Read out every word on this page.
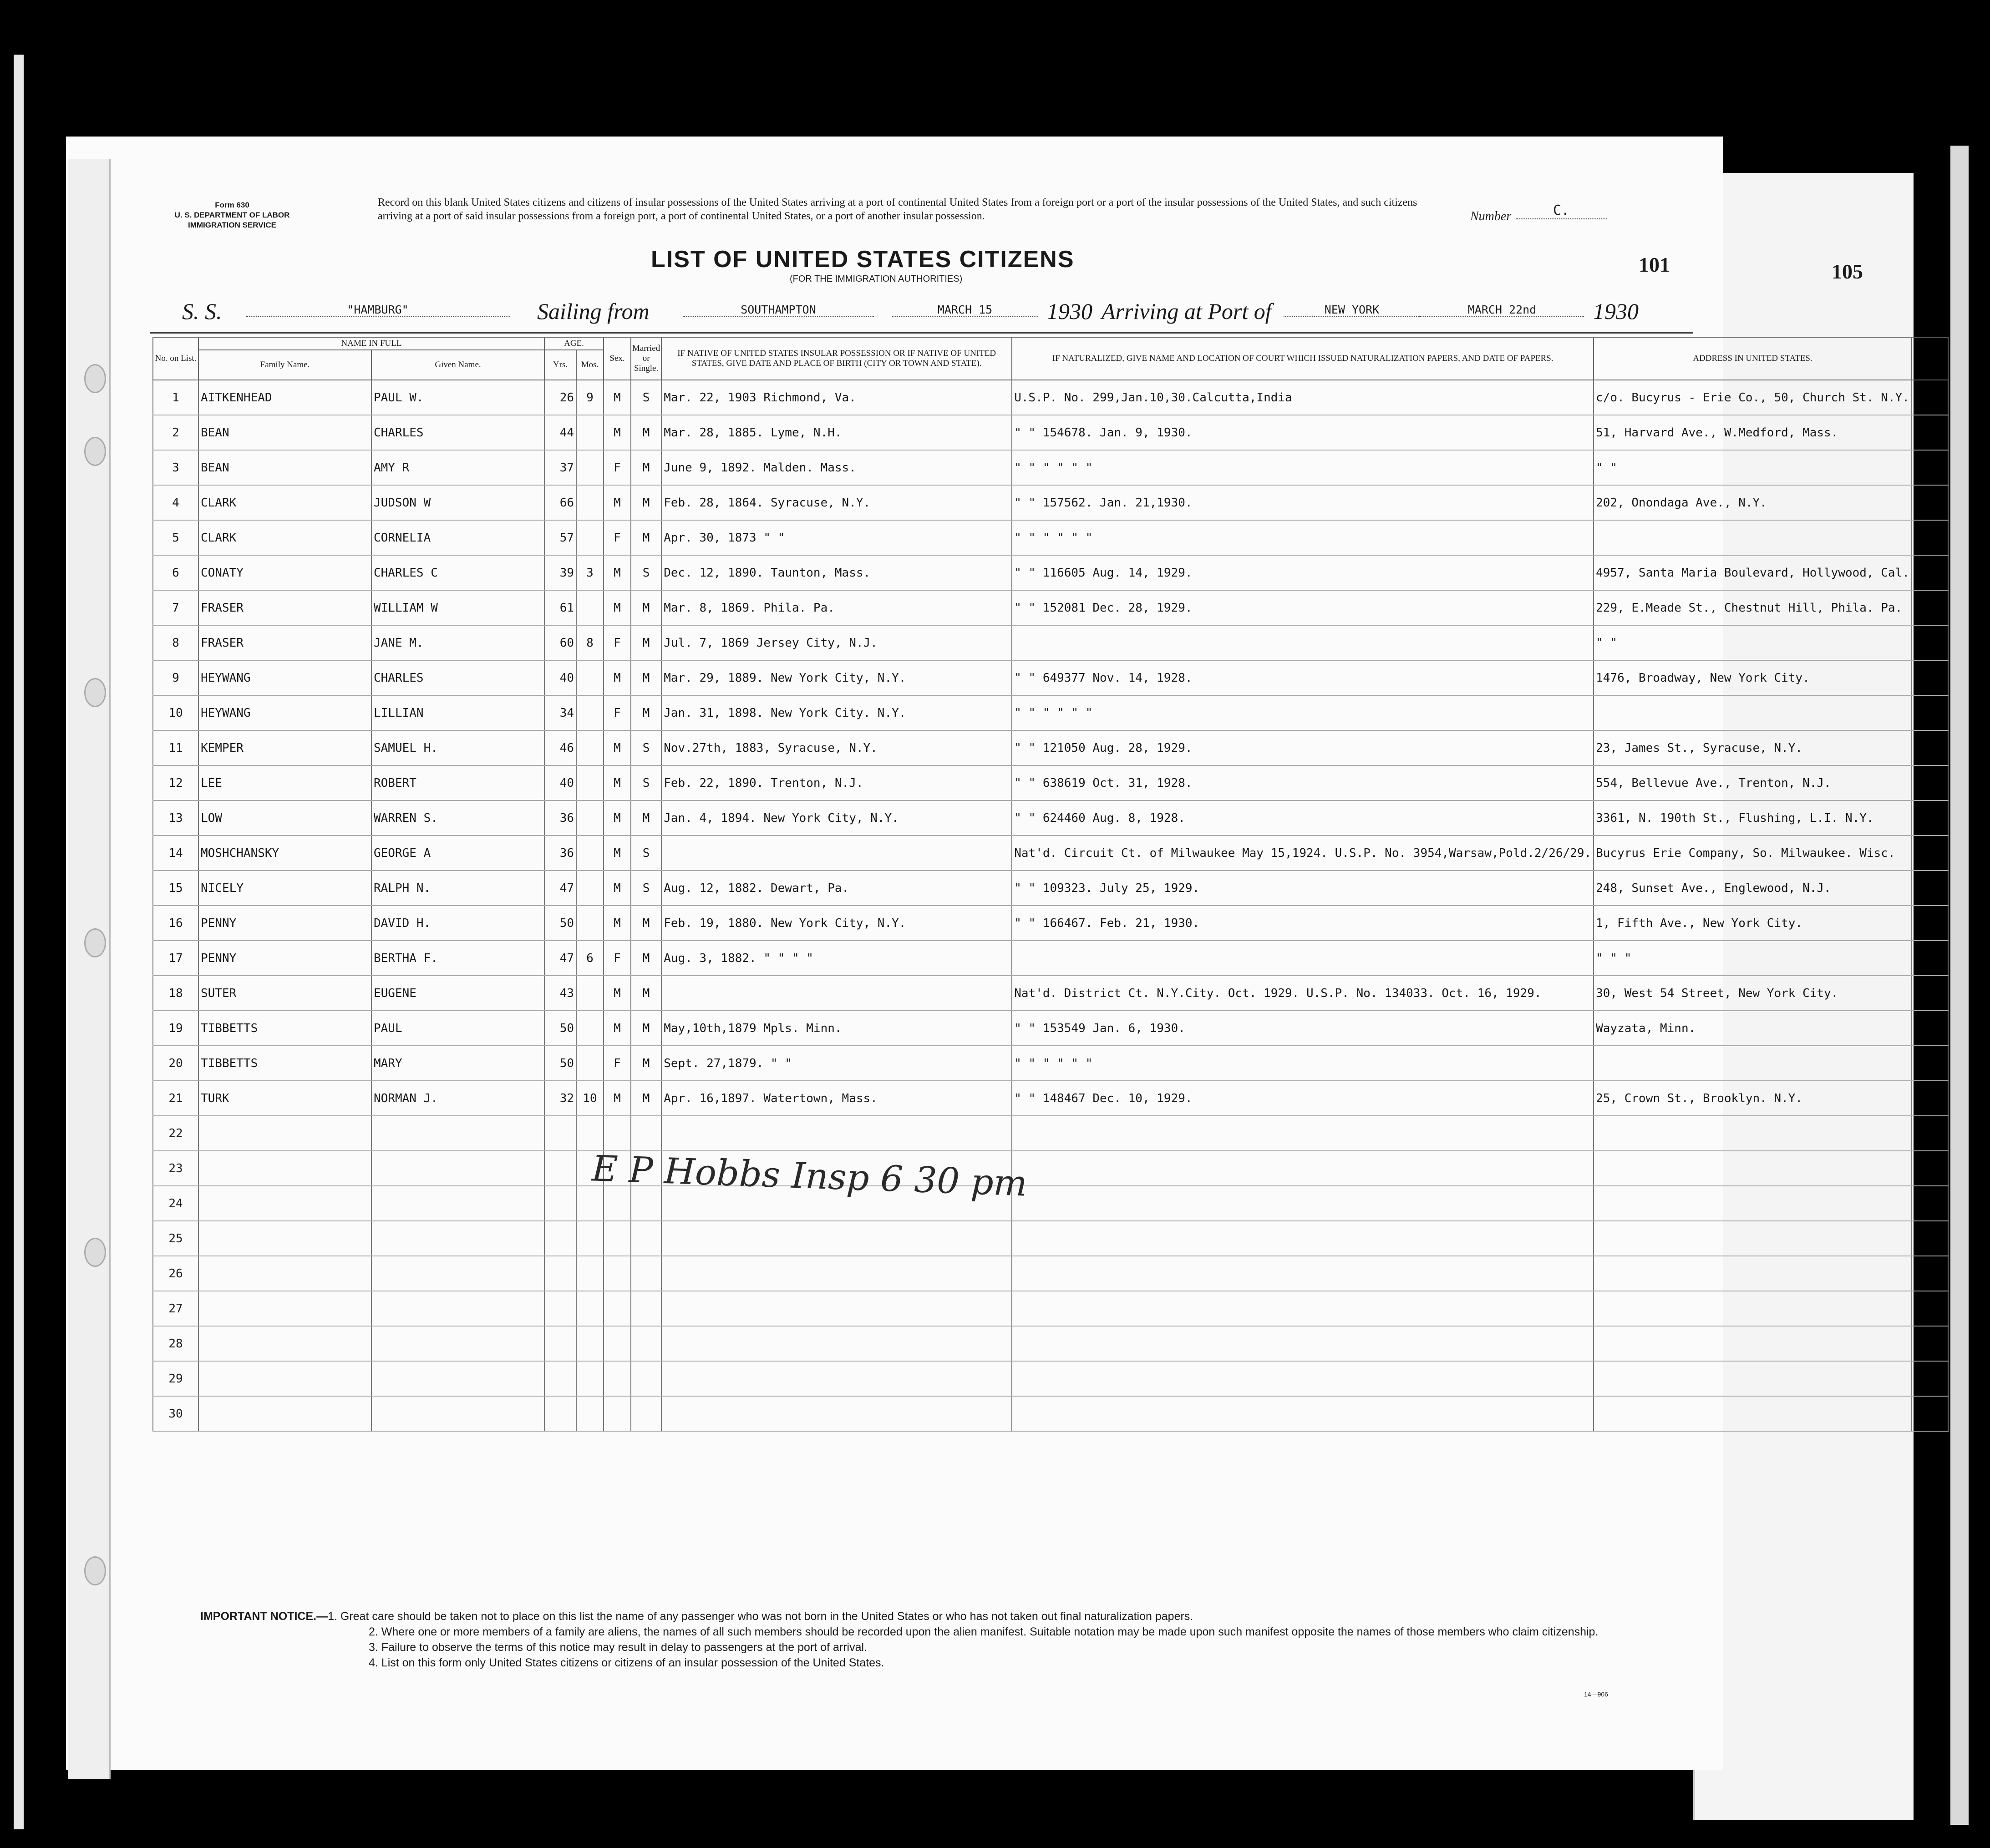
105
Form 630
U. S. DEPARTMENT OF LABOR
IMMIGRATION SERVICE
Record on this blank United States citizens and citizens of insular possessions of the United States arriving at a port of continental United States from a foreign port or a port of the insular possessions of the United States, and such citizens arriving at a port of said insular possessions from a foreign port, a port of continental United States, or a port of another insular possession.	Number	C.
LIST OF UNITED STATES CITIZENS
(FOR THE IMMIGRATION AUTHORITIES)
101
S. S.	"HAMBURG"	Sailing from	SOUTHAMPTON	MARCH 15	1930 Arriving at Port of	NEW YORK	MARCH 22nd	1930
No. on List.	NAME IN FULL		AGE.		Sex.	Married or Single.	IF NATIVE OF UNITED STATES INSULAR POSSESSION OR IF NATIVE OF UNITED STATES, GIVE DATE AND PLACE OF BIRTH (CITY OR TOWN AND STATE).	IF NATURALIZED, GIVE NAME AND LOCATION OF COURT WHICH ISSUED NATURALIZATION PAPERS, AND DATE OF PAPERS.	ADDRESS IN UNITED STATES.	
	Family Name.	Given Name.	Yrs.	Mos.						
1	AITKENHEAD	PAUL W.	26	9	M	S	Mar. 22, 1903 Richmond, Va.	U.S.P. No. 299,Jan.10,30.Calcutta,India	c/o. Bucyrus - Erie Co., 50, Church St. N.Y.	
2	BEAN	CHARLES	44		M	M	Mar. 28, 1885. Lyme, N.H.	" " 154678. Jan. 9, 1930.	51, Harvard Ave., W.Medford, Mass.	
3	BEAN	AMY R	37		F	M	June 9, 1892. Malden. Mass.	" " " " " "	" "	
4	CLARK	JUDSON W	66		M	M	Feb. 28, 1864. Syracuse, N.Y.	" " 157562. Jan. 21,1930.	202, Onondaga Ave., N.Y.	
5	CLARK	CORNELIA	57		F	M	Apr. 30, 1873 " "	" " " " " "		
6	CONATY	CHARLES C	39	3	M	S	Dec. 12, 1890. Taunton, Mass.	" " 116605 Aug. 14, 1929.	4957, Santa Maria Boulevard, Hollywood, Cal.	
7	FRASER	WILLIAM W	61		M	M	Mar. 8, 1869. Phila. Pa.	" " 152081 Dec. 28, 1929.	229, E.Meade St., Chestnut Hill, Phila. Pa.	
8	FRASER	JANE M.	60	8	F	M	Jul. 7, 1869 Jersey City, N.J.		" "	
9	HEYWANG	CHARLES	40		M	M	Mar. 29, 1889. New York City, N.Y.	" " 649377 Nov. 14, 1928.	1476, Broadway, New York City.	
10	HEYWANG	LILLIAN	34		F	M	Jan. 31, 1898. New York City. N.Y.	" " " " " "		
11	KEMPER	SAMUEL H.	46		M	S	Nov.27th, 1883, Syracuse, N.Y.	" " 121050 Aug. 28, 1929.	23, James St., Syracuse, N.Y.	
12	LEE	ROBERT	40		M	S	Feb. 22, 1890. Trenton, N.J.	" " 638619 Oct. 31, 1928.	554, Bellevue Ave., Trenton, N.J.	
13	LOW	WARREN S.	36		M	M	Jan. 4, 1894. New York City, N.Y.	" " 624460 Aug. 8, 1928.	3361, N. 190th St., Flushing, L.I. N.Y.	
14	MOSHCHANSKY	GEORGE A	36		M	S		Nat'd. Circuit Ct. of Milwaukee May 15,1924. U.S.P. No. 3954,Warsaw,Pold.2/26/29.	Bucyrus Erie Company, So. Milwaukee. Wisc.	
15	NICELY	RALPH N.	47		M	S	Aug. 12, 1882. Dewart, Pa.	" " 109323. July 25, 1929.	248, Sunset Ave., Englewood, N.J.	
16	PENNY	DAVID H.	50		M	M	Feb. 19, 1880. New York City, N.Y.	" " 166467. Feb. 21, 1930.	1, Fifth Ave., New York City.	
17	PENNY	BERTHA F.	47	6	F	M	Aug. 3, 1882. " " " "		" " "	
18	SUTER	EUGENE	43		M	M		Nat'd. District Ct. N.Y.City. Oct. 1929. U.S.P. No. 134033. Oct. 16, 1929.	30, West 54 Street, New York City.	
19	TIBBETTS	PAUL	50		M	M	May,10th,1879 Mpls. Minn.	" " 153549 Jan. 6, 1930.	Wayzata, Minn.	
20	TIBBETTS	MARY	50		F	M	Sept. 27,1879. " "	" " " " " "		
21	TURK	NORMAN J.	32	10	M	M	Apr. 16,1897. Watertown, Mass.	" " 148467 Dec. 10, 1929.	25, Crown St., Brooklyn. N.Y.	
22										
23										
24										
25										
26										
27										
28										
29										
30										
E P Hobbs Insp 6 30 pm

IMPORTANT NOTICE.—1. Great care should be taken not to place on this list the name of any passenger who was not born in the United States or who has not taken out final naturalization papers.

2. Where one or more members of a family are aliens, the names of all such members should be recorded upon the alien manifest. Suitable notation may be made upon such manifest opposite the names of those members who claim citizenship.

3. Failure to observe the terms of this notice may result in delay to passengers at the port of arrival.

4. List on this form only United States citizens or citizens of an insular possession of the United States.

14—906
